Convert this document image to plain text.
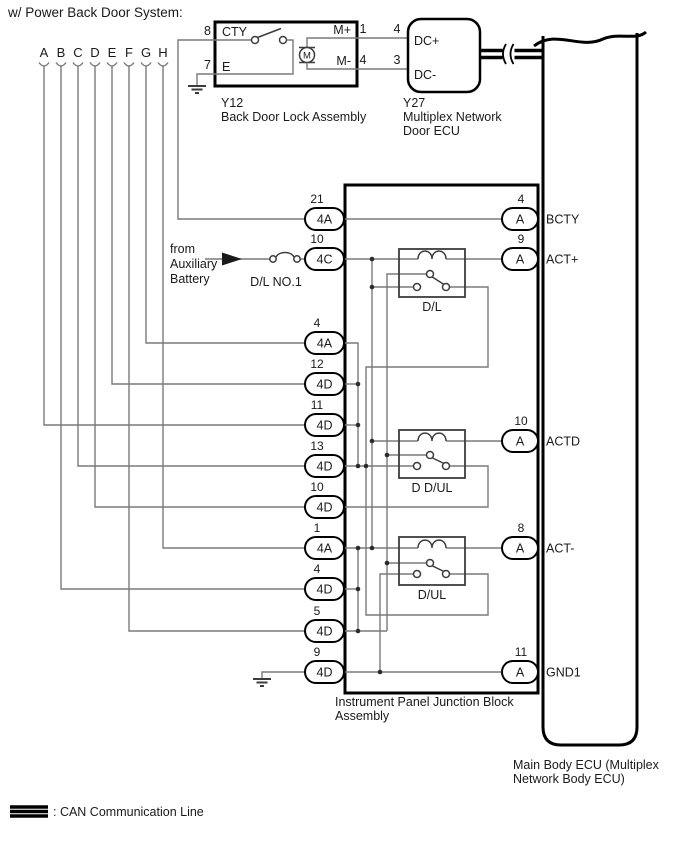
w/ Power Back Door System:
A B C D E F G H
CTY
8
E
7
M+ 1
M- 4
M
Y12
Back Door Lock Assembly
4
DC+
3
DC-
Y27
Multiplex Network
Door ECU
Main Body ECU (Multiplex
Network Body ECU)
from
Auxiliary
Battery	D/L NO.1
Instrument Panel Junction Block
Assembly
D/L
D D/UL
D/UL
21
4A
10
4C
4
4A
12
4D
11
4D
13
4D
10
4D
1
4A
4
4D
5
4D
9
4D
4
A BCTY
9
A ACT+
10
A ACTD
8
A ACT-
11
A GND1
: CAN Communication Line
